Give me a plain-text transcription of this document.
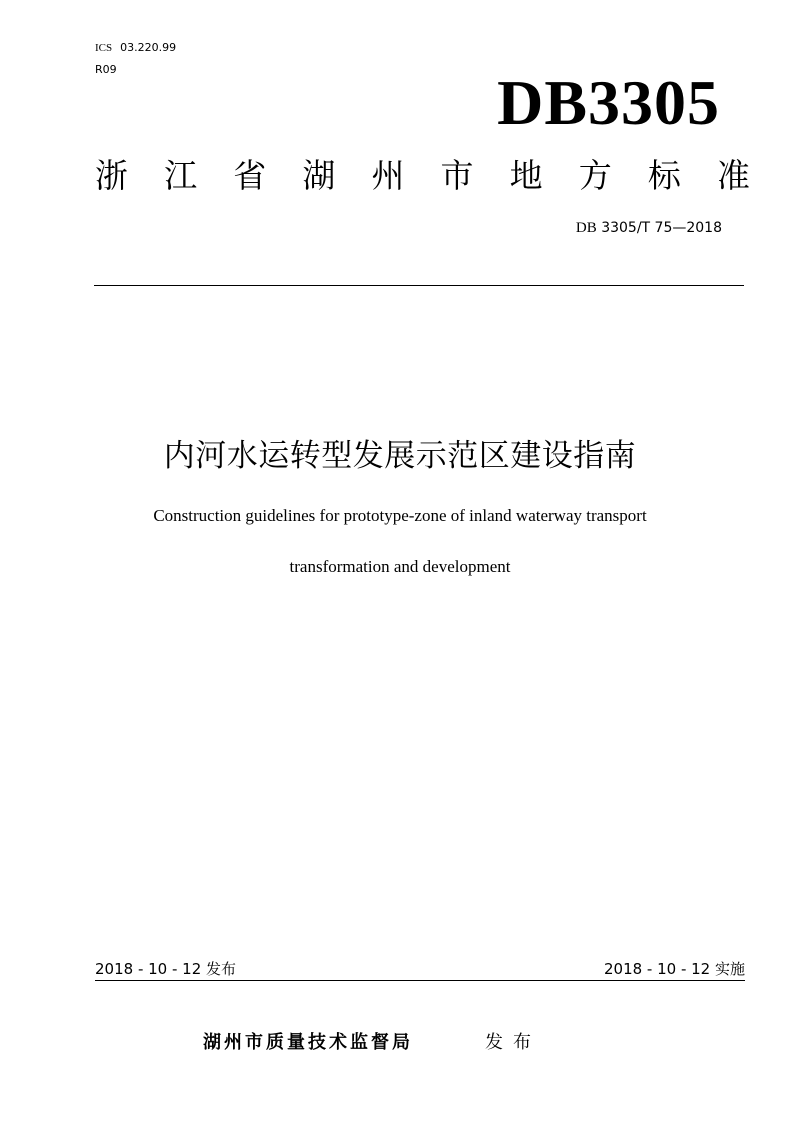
ICS 03.220.99
R09	DB3305
浙 江 省 湖 州 市 地 方 标 准
DB 3305/T 75—2018
内河水运转型发展示范区建设指南
Construction guidelines for prototype-zone of inland waterway transport
transformation and development
2018 - 10 - 12 发布	2018 - 10 - 12 实施
湖州市质量技术监督局	发布
